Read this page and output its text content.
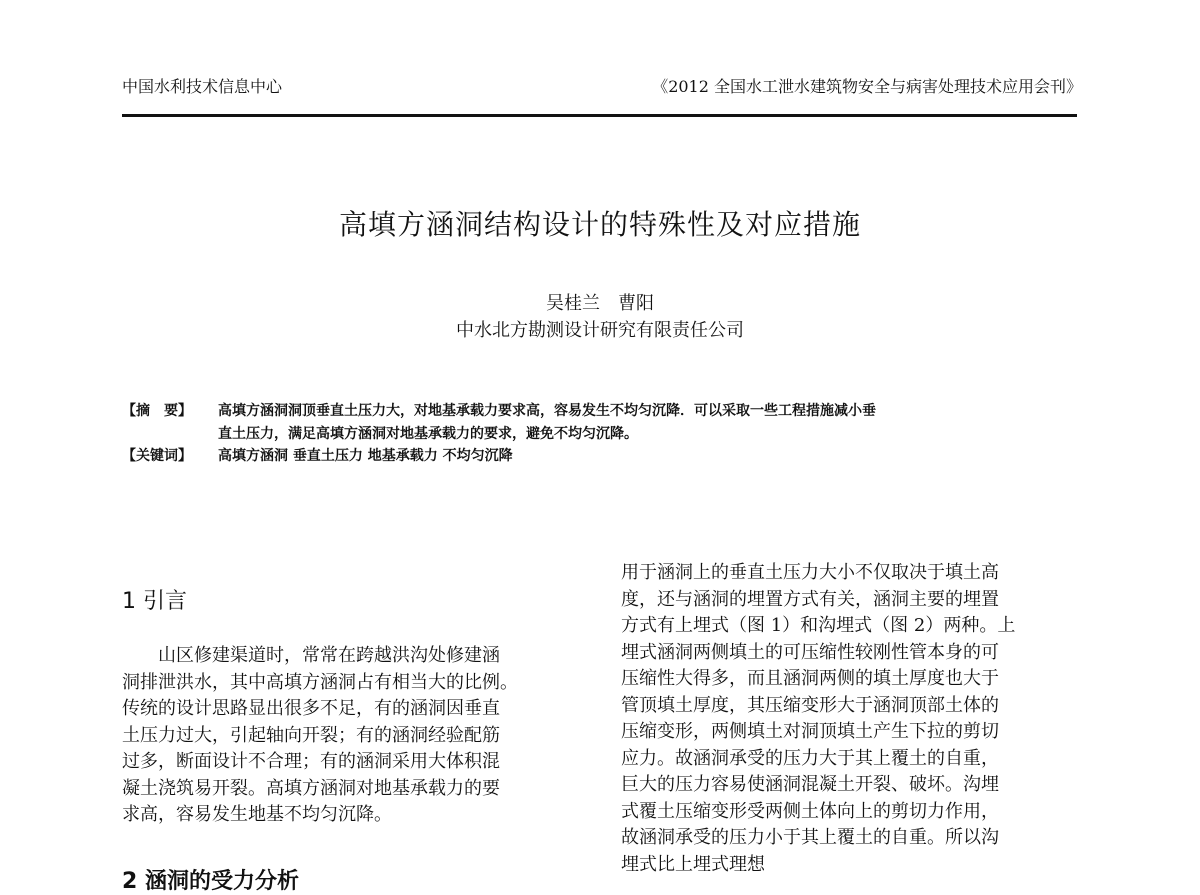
中国水利技术信息中心	《2012 全国水工泄水建筑物安全与病害处理技术应用会刊》
高填方涵洞结构设计的特殊性及对应措施
吴桂兰　曹阳
中水北方勘测设计研究有限责任公司
【摘　要】 高填方涵洞洞顶垂直土压力大，对地基承载力要求高，容易发生不均匀沉降．可以采取一些工程措施减小垂
直土压力，满足高填方涵洞对地基承载力的要求，避免不均匀沉降。
【关键词】 高填方涵洞 垂直土压力 地基承载力 不均匀沉降
1 引言
　　山区修建渠道时，常常在跨越洪沟处修建涵
洞排泄洪水，其中高填方涵洞占有相当大的比例。
传统的设计思路显出很多不足，有的涵洞因垂直
土压力过大，引起轴向开裂；有的涵洞经验配筋
过多，断面设计不合理；有的涵洞采用大体积混
凝土浇筑易开裂。高填方涵洞对地基承载力的要
求高，容易发生地基不均匀沉降。
2 涵洞的受力分析
用于涵洞上的垂直土压力大小不仅取决于填土高
度，还与涵洞的埋置方式有关，涵洞主要的埋置
方式有上埋式（图 1）和沟埋式（图 2）两种。上
埋式涵洞两侧填土的可压缩性较刚性管本身的可
压缩性大得多，而且涵洞两侧的填土厚度也大于
管顶填土厚度，其压缩变形大于涵洞顶部土体的
压缩变形，两侧填土对洞顶填土产生下拉的剪切
应力。故涵洞承受的压力大于其上覆土的自重，
巨大的压力容易使涵洞混凝土开裂、破坏。沟埋
式覆土压缩变形受两侧土体向上的剪切力作用，
故涵洞承受的压力小于其上覆土的自重。所以沟
埋式比上埋式理想
